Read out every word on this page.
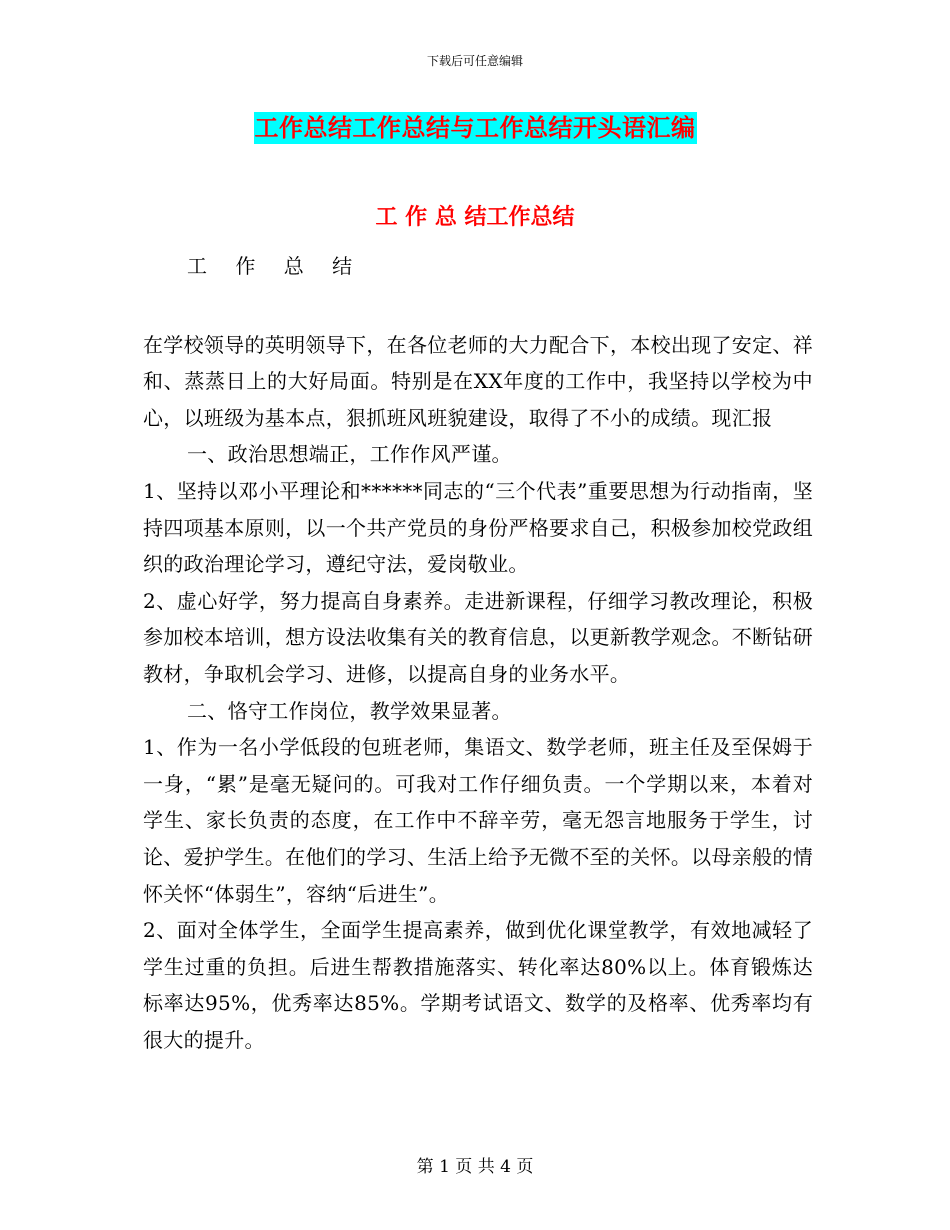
下载后可任意编辑
工作总结工作总结与工作总结开头语汇编
工 作 总 结工作总结

工 作 总 结

在学校领导的英明领导下，在各位老师的大力配合下，本校出现了安定、祥和、蒸蒸日上的大好局面。特别是在XX年度的工作中，我坚持以学校为中心，以班级为基本点，狠抓班风班貌建设，取得了不小的成绩。现汇报

一、政治思想端正，工作作风严谨。

1、坚持以邓小平理论和******同志的“三个代表”重要思想为行动指南，坚持四项基本原则，以一个共产党员的身份严格要求自己，积极参加校党政组织的政治理论学习，遵纪守法，爱岗敬业。

2、虚心好学，努力提高自身素养。走进新课程，仔细学习教改理论，积极参加校本培训，想方设法收集有关的教育信息，以更新教学观念。不断钻研教材，争取机会学习、进修，以提高自身的业务水平。

二、恪守工作岗位，教学效果显著。

1、作为一名小学低段的包班老师，集语文、数学老师，班主任及至保姆于一身，“累”是毫无疑问的。可我对工作仔细负责。一个学期以来，本着对学生、家长负责的态度，在工作中不辞辛劳，毫无怨言地服务于学生，讨论、爱护学生。在他们的学习、生活上给予无微不至的关怀。以母亲般的情怀关怀“体弱生”，容纳“后进生”。

2、面对全体学生，全面学生提高素养，做到优化课堂教学，有效地减轻了学生过重的负担。后进生帮教措施落实、转化率达80%以上。体育锻炼达标率达95%，优秀率达85%。学期考试语文、数学的及格率、优秀率均有很大的提升。

第 1 页 共 4 页
